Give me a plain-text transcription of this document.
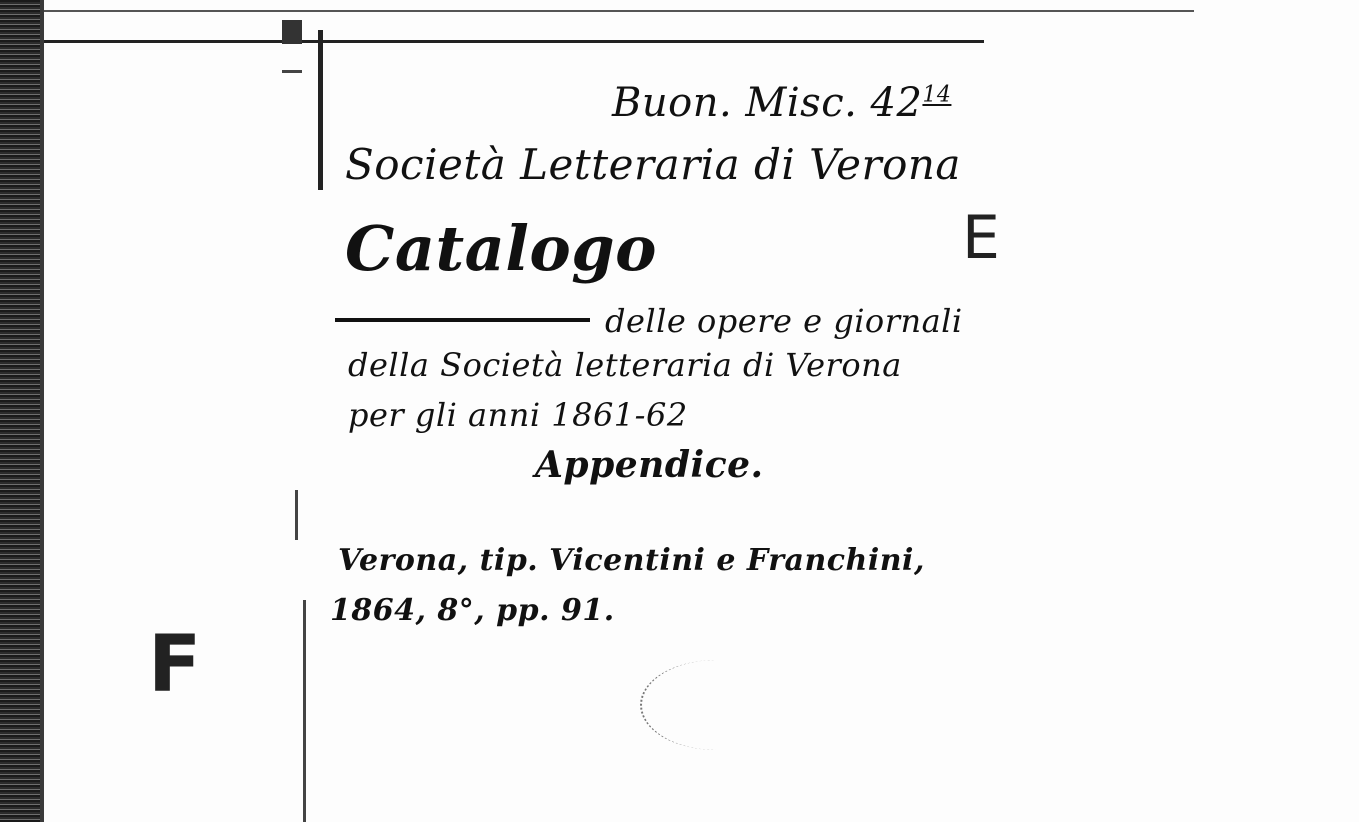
Buon. Misc. $42^{14}$
Società Letteraria di Verona
Catalogo
delle opere e giornali
della Società letteraria di Verona
per gli anni 1861-62
Appendice.
Verona, tip. Vicentini e Franchini,
1864, 8°, pp. 91.
F
E
